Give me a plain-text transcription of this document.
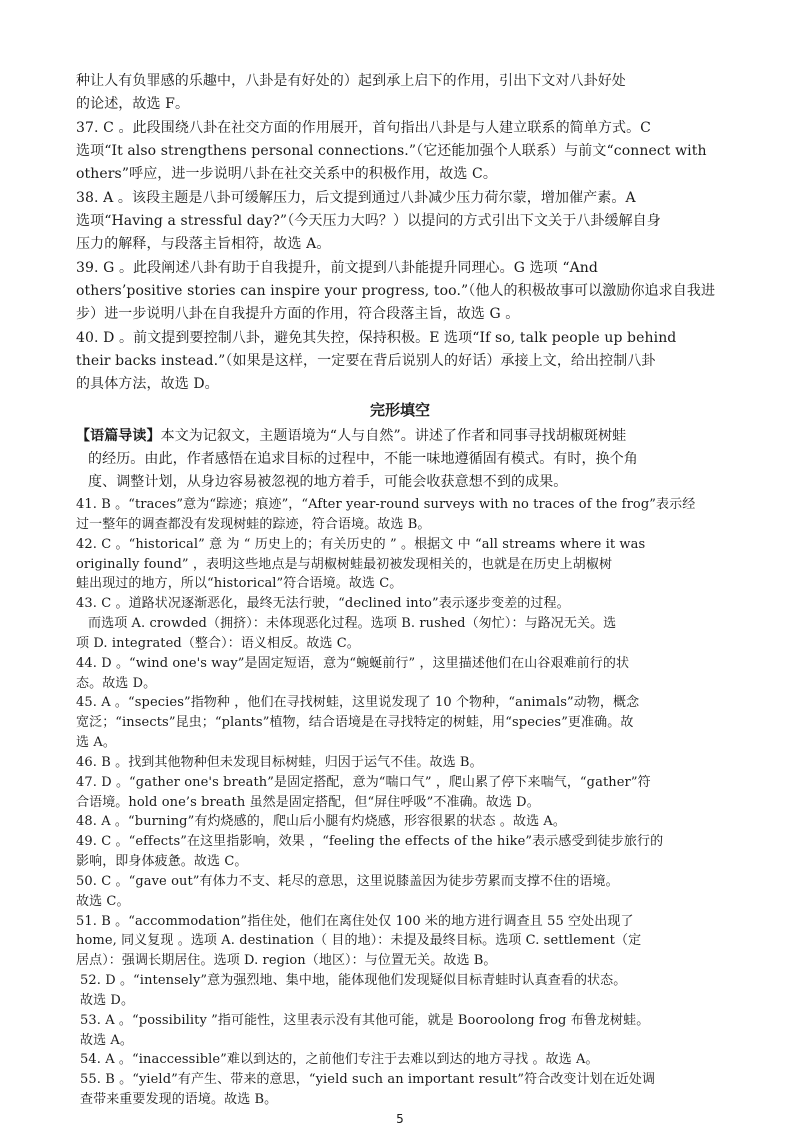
种让人有负罪感的乐趣中，八卦是有好处的）起到承上启下的作用，引出下文对八卦好处
的论述，故选 F。
37. C 。此段围绕八卦在社交方面的作用展开，首句指出八卦是与人建立联系的简单方式。C
选项“It also strengthens personal connections.”（它还能加强个人联系）与前文“connect with
others”呼应，进一步说明八卦在社交关系中的积极作用，故选 C。
38. A 。该段主题是八卦可缓解压力，后文提到通过八卦减少压力荷尔蒙，增加催产素。A
选项“Having a stressful day?”（今天压力大吗？）以提问的方式引出下文关于八卦缓解自身
压力的解释，与段落主旨相符，故选 A。
39. G 。此段阐述八卦有助于自我提升，前文提到八卦能提升同理心。G 选项 “And
others’positive stories can inspire your progress, too.”（他人的积极故事可以激励你追求自我进
步）进一步说明八卦在自我提升方面的作用，符合段落主旨，故选 G 。
40. D 。前文提到要控制八卦，避免其失控，保持积极。E 选项“If so, talk people up behind
their backs instead.”（如果是这样，一定要在背后说别人的好话）承接上文，给出控制八卦
的具体方法，故选 D。
完形填空
【语篇导读】本文为记叙文，主题语境为“人与自然”。讲述了作者和同事寻找胡椒斑树蛙
的经历。由此，作者感悟在追求目标的过程中，不能一味地遵循固有模式。有时，换个角
度、调整计划，从身边容易被忽视的地方着手，可能会收获意想不到的成果。
41. B 。“traces”意为“踪迹；痕迹”，“After year-round surveys with no traces of the frog”表示经
过一整年的调查都没有发现树蛙的踪迹，符合语境。故选 B。
42. C 。“historical” 意 为 “ 历史上的；有关历史的 ” 。根据文 中 “all streams where it was
originally found” ，表明这些地点是与胡椒树蛙最初被发现相关的，也就是在历史上胡椒树
蛙出现过的地方，所以“historical”符合语境。故选 C。
43. C 。道路状况逐渐恶化，最终无法行驶，“declined into”表示逐步变差的过程。
而选项 A. crowded（拥挤）：未体现恶化过程。选项 B. rushed（匆忙）：与路况无关。选
项 D. integrated（整合）：语义相反。故选 C。
44. D 。“wind one's way”是固定短语，意为“蜿蜒前行” ，这里描述他们在山谷艰难前行的状
态。故选 D。
45. A 。“species”指物种 ，他们在寻找树蛙，这里说发现了 10 个物种，“animals”动物，概念
宽泛；“insects”昆虫；“plants”植物，结合语境是在寻找特定的树蛙，用“species”更准确。故
选 A。
46. B 。找到其他物种但未发现目标树蛙，归因于运气不佳。故选 B。
47. D 。“gather one's breath”是固定搭配，意为“喘口气” ，爬山累了停下来喘气，“gather”符
合语境。hold one’s breath 虽然是固定搭配，但“屏住呼吸”不准确。故选 D。
48. A 。“burning”有灼烧感的，爬山后小腿有灼烧感，形容很累的状态 。故选 A。
49. C 。“effects”在这里指影响，效果 ，“feeling the effects of the hike”表示感受到徒步旅行的
影响，即身体疲惫。故选 C。
50. C 。“gave out”有体力不支、耗尽的意思，这里说膝盖因为徒步劳累而支撑不住的语境。
故选 C。
51. B 。“accommodation”指住处，他们在离住处仅 100 米的地方进行调查且 55 空处出现了
home, 同义复现 。选项 A. destination（ 目的地）：未提及最终目标。选项 C. settlement（定
居点）：强调长期居住。选项 D. region（地区）：与位置无关。故选 B。
52. D 。“intensely”意为强烈地、集中地，能体现他们发现疑似目标青蛙时认真查看的状态。
故选 D。
5
53. A 。“possibility ”指可能性，这里表示没有其他可能，就是 Booroolong frog 布鲁龙树蛙。
故选 A。
54. A 。“inaccessible”难以到达的，之前他们专注于去难以到达的地方寻找 。故选 A。
55. B 。“yield”有产生、带来的意思，“yield such an important result”符合改变计划在近处调
查带来重要发现的语境。故选 B。
